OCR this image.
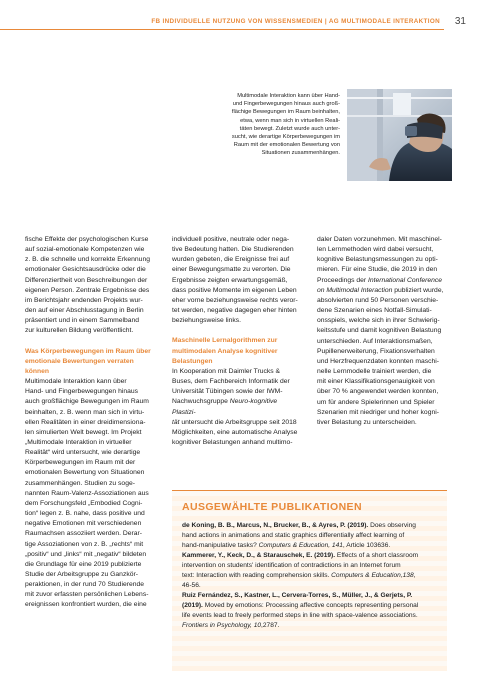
FB INDIVIDUELLE NUTZUNG VON WISSENSMEDIEN | AG MULTIMODALE INTERAKTION 31
Multimodale Interaktion kann über Hand-
und Fingerbewegungen hinaus auch groß-
flächige Bewegungen im Raum beinhalten,
etwa, wenn man sich in virtuellen Reali-
täten bewegt. Zuletzt wurde auch unter-
sucht, wie derartige Körperbewegungen im
Raum mit der emotionalen Bewertung von
Situationen zusammenhängen.

fische Effekte der psychologischen Kurse
auf sozial-emotionale Kompetenzen wie
z. B. die schnelle und korrekte Erkennung
emotionaler Gesichtsausdrücke oder die
Differenziertheit von Beschreibungen der
eigenen Person. Zentrale Ergebnisse des
im Berichtsjahr endenden Projekts wur-
den auf einer Abschlusstagung in Berlin
präsentiert und in einem Sammelband
zur kulturellen Bildung veröffentlicht.

Was Körperbewegungen im Raum über
emotionale Bewertungen verraten
können

Multimodale Interaktion kann über
Hand- und Fingerbewegungen hinaus
auch großflächige Bewegungen im Raum
beinhalten, z. B. wenn man sich in virtu-
ellen Realitäten in einer dreidimensiona-
len simulierten Welt bewegt. Im Projekt
„Multimodale Interaktion in virtueller
Realität“ wird untersucht, wie derartige
Körperbewegungen im Raum mit der
emotionalen Bewertung von Situationen
zusammenhängen. Studien zu soge-
nannten Raum-Valenz-Assoziationen aus
dem Forschungsfeld „Embodied Cogni-
tion“ legen z. B. nahe, dass positive und
negative Emotionen mit verschiedenen
Raumachsen assoziiert werden. Derar-
tige Assoziationen von z. B. „rechts“ mit
„positiv“ und „links“ mit „negativ“ bildeten
die Grundlage für eine 2019 publizierte
Studie der Arbeitsgruppe zu Ganzkör-
peraktionen, in der rund 70 Studierende
mit zuvor erfassten persönlichen Lebens-
ereignissen konfrontiert wurden, die eine

individuell positive, neutrale oder nega-
tive Bedeutung hatten. Die Studierenden
wurden gebeten, die Ereignisse frei auf
einer Bewegungsmatte zu verorten. Die
Ergebnisse zeigten erwartungsgemäß,
dass positive Momente im eigenen Leben
eher vorne beziehungsweise rechts veror-
tet werden, negative dagegen eher hinten
beziehungsweise links.

Maschinelle Lernalgorithmen zur
multimodalen Analyse kognitiver
Belastungen

In Kooperation mit Daimler Trucks &
Buses, dem Fachbereich Informatik der
Universität Tübingen sowie der IWM-
Nachwuchsgruppe Neuro-kognitive Plastizi-
tät untersucht die Arbeitsgruppe seit 2018
Möglichkeiten, eine automatische Analyse
kognitiver Belastungen anhand multimo-

daler Daten vorzunehmen. Mit maschinel-
len Lernmethoden wird dabei versucht,
kognitive Belastungsmessungen zu opti-
mieren. Für eine Studie, die 2019 in den
Proceedings der International Conference
on Multimodal Interaction publiziert wurde,
absolvierten rund 50 Personen verschie-
dene Szenarien eines Notfall-Simulati-
onsspiels, welche sich in ihrer Schwierig-
keitsstufe und damit kognitiven Belastung
unterschieden. Auf Interaktionsmaßen,
Pupillenerweiterung, Fixationsverhalten
und Herzfrequenzdaten konnten maschi-
nelle Lernmodelle trainiert werden, die
mit einer Klassifikationsgenauigkeit von
über 70 % angewendet werden konnten,
um für andere Spielerinnen und Spieler
Szenarien mit niedriger und hoher kogni-
tiver Belastung zu unterscheiden.

AUSGEWÄHLTE PUBLIKATIONEN

de Koning, B. B., Marcus, N., Brucker, B., & Ayres, P. (2019). Does observing
hand actions in animations and static graphics differentially affect learning of
hand-manipulative tasks? Computers & Education, 141, Article 103636.

Kammerer, Y., Keck, D., & Starauschek, E. (2019). Effects of a short classroom
intervention on students' identification of contradictions in an Internet forum
text: Interaction with reading comprehension skills. Computers & Education,138,
46-56.

Ruiz Fernández, S., Kastner, L., Cervera-Torres, S., Müller, J., & Gerjets, P.
(2019). Moved by emotions: Processing affective concepts representing personal
life events lead to freely performed steps in line with space-valence associations.
Frontiers in Psychology, 10,2787.
